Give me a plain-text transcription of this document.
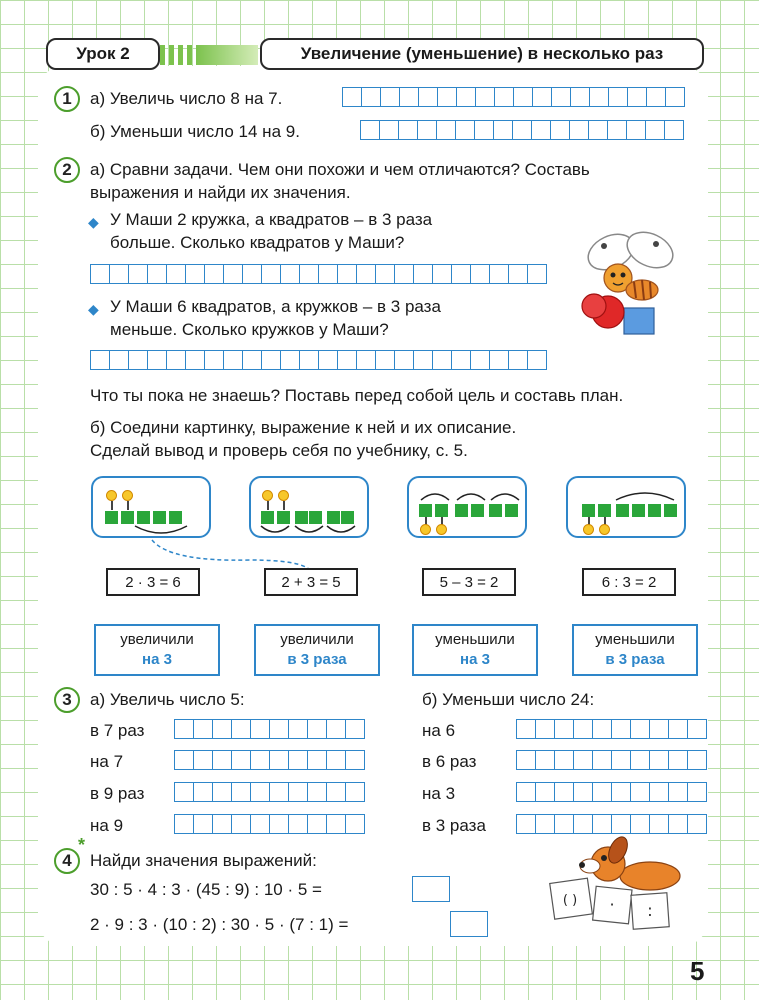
Урок 2	Увеличение (уменьшение) в несколько раз
1	а) Увеличь число 8 на 7.
б) Уменьши число 14 на 9.
2	а) Сравни задачи. Чем они похожи и чем отличаются? Составь
выражения и найди их значения.
◆ У Маши 2 кружка, а квадратов – в 3 раза
больше. Сколько квадратов у Маши?
◆ У Маши 6 квадратов, а кружков – в 3 раза
меньше. Сколько кружков у Маши?
Что ты пока не знаешь? Поставь перед собой цель и составь план.
б) Соедини картинку, выражение к ней и их описание.
Сделай вывод и проверь себя по учебнику, с. 5.
2 · 3 = 6	2 + 3 = 5	5 – 3 = 2	6 : 3 = 2
увеличили
на 3
увеличили
в 3 раза
уменьшили
на 3
уменьшили
в 3 раза
3	а) Увеличь число 5:	б) Уменьши число 24:
в 7 раз
на 7
в 9 раз
на 9
на 6
в 6 раз
на 3
в 3 раза
4
*
Найди значения выражений:
30 : 5 · 4 : 3 · (45 : 9) : 10 · 5 =
2 · 9 : 3 · (10 : 2) : 30 · 5 · (7 : 1) =
( ) · :
5
